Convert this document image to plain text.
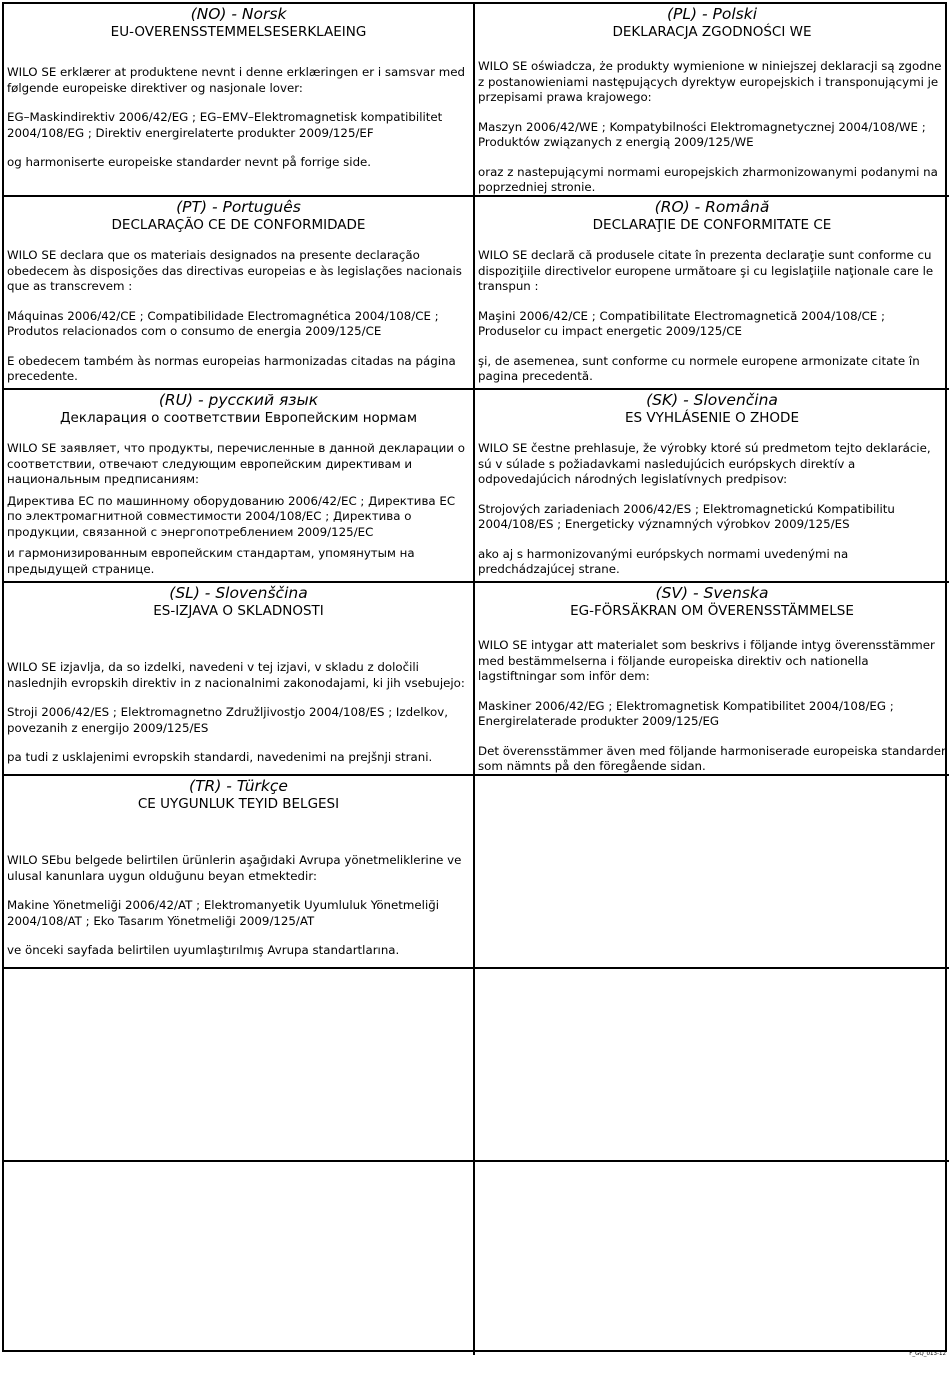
(NO) - Norsk

EU-OVERENSSTEMMELSESERKLAEING

WILO SE erklærer at produktene nevnt i denne erklæringen er i samsvar med følgende europeiske direktiver og nasjonale lover:

EG–Maskindirektiv 2006/42/EG ; EG–EMV–Elektromagnetisk kompatibilitet 2004/108/EG ; Direktiv energirelaterte produkter 2009/125/EF

og harmoniserte europeiske standarder nevnt på forrige side.

(PL) - Polski

DEKLARACJA ZGODNOŚCI WE

WILO SE oświadcza, że produkty wymienione w niniejszej deklaracji są zgodne z postanowieniami następujących dyrektyw europejskich i transponującymi je przepisami prawa krajowego:

Maszyn 2006/42/WE ; Kompatybilności Elektromagnetycznej 2004/108/WE ; Produktów związanych z energią 2009/125/WE

oraz z nastepującymi normami europejskich zharmonizowanymi podanymi na poprzedniej stronie.

(PT) - Português

DECLARAÇÃO CE DE CONFORMIDADE

WILO SE declara que os materiais designados na presente declaração obedecem às disposições das directivas europeias e às legislações nacionais que as transcrevem :

Máquinas 2006/42/CE ; Compatibilidade Electromagnética 2004/108/CE ; Produtos relacionados com o consumo de energia 2009/125/CE

E obedecem também às normas europeias harmonizadas citadas na página precedente.

(RO) - Română

DECLARAŢIE DE CONFORMITATE CE

WILO SE declară că produsele citate în prezenta declaraţie sunt conforme cu dispoziţiile directivelor europene următoare şi cu legislaţiile naţionale care le transpun :

Maşini 2006/42/CE ; Compatibilitate Electromagnetică 2004/108/CE ; Produselor cu impact energetic 2009/125/CE

şi, de asemenea, sunt conforme cu normele europene armonizate citate în pagina precedentă.

(RU) - русский язык

Декларация о соответствии Европейским нормам

WILO SE заявляет, что продукты, перечисленные в данной декларации о соответствии, отвечают следующим европейским директивам и национальным предписаниям:

Директива ЕС по машинному оборудованию 2006/42/EC ; Директива ЕС по электромагнитной совместимости 2004/108/EC ; Директива о продукции, связанной с энергопотреблением 2009/125/EC

и гармонизированным европейским стандартам, упомянутым на предыдущей странице.

(SK) - Slovenčina

ES VYHLÁSENIE O ZHODE

WILO SE čestne prehlasuje, že výrobky ktoré sú predmetom tejto deklarácie, sú v súlade s požiadavkami nasledujúcich európskych direktív a odpovedajúcich národných legislatívnych predpisov:

Strojových zariadeniach 2006/42/ES ; Elektromagnetickú Kompatibilitu 2004/108/ES ; Energeticky významných výrobkov 2009/125/ES

ako aj s harmonizovanými európskych normami uvedenými na predchádzajúcej strane.

(SL) - Slovenščina

ES-IZJAVA O SKLADNOSTI

WILO SE izjavlja, da so izdelki, navedeni v tej izjavi, v skladu z določili naslednjih evropskih direktiv in z nacionalnimi zakonodajami, ki jih vsebujejo:

Stroji 2006/42/ES ; Elektromagnetno Združljivostjo 2004/108/ES ; Izdelkov, povezanih z energijo 2009/125/ES

pa tudi z usklajenimi evropskih standardi, navedenimi na prejšnji strani.

(SV) - Svenska

EG-FÖRSÄKRAN OM ÖVERENSSTÄMMELSE

WILO SE intygar att materialet som beskrivs i följande intyg överensstämmer med bestämmelserna i följande europeiska direktiv och nationella lagstiftningar som inför dem:

Maskiner 2006/42/EG ; Elektromagnetisk Kompatibilitet 2004/108/EG ; Energirelaterade produkter 2009/125/EG

Det överensstämmer även med följande harmoniserade europeiska standarder som nämnts på den föregående sidan.

(TR) - Türkçe

CE UYGUNLUK TEYID BELGESI

WILO SEbu belgede belirtilen ürünlerin aşağıdaki Avrupa yönetmeliklerine ve ulusal kanunlara uygun olduğunu beyan etmektedir:

Makine Yönetmeliği 2006/42/AT ; Elektromanyetik Uyumluluk Yönetmeliği 2004/108/AT ; Eko Tasarım Yönetmeliği 2009/125/AT

ve önceki sayfada belirtilen uyumlaştırılmış Avrupa standartlarına.

F_GQ_013-12
